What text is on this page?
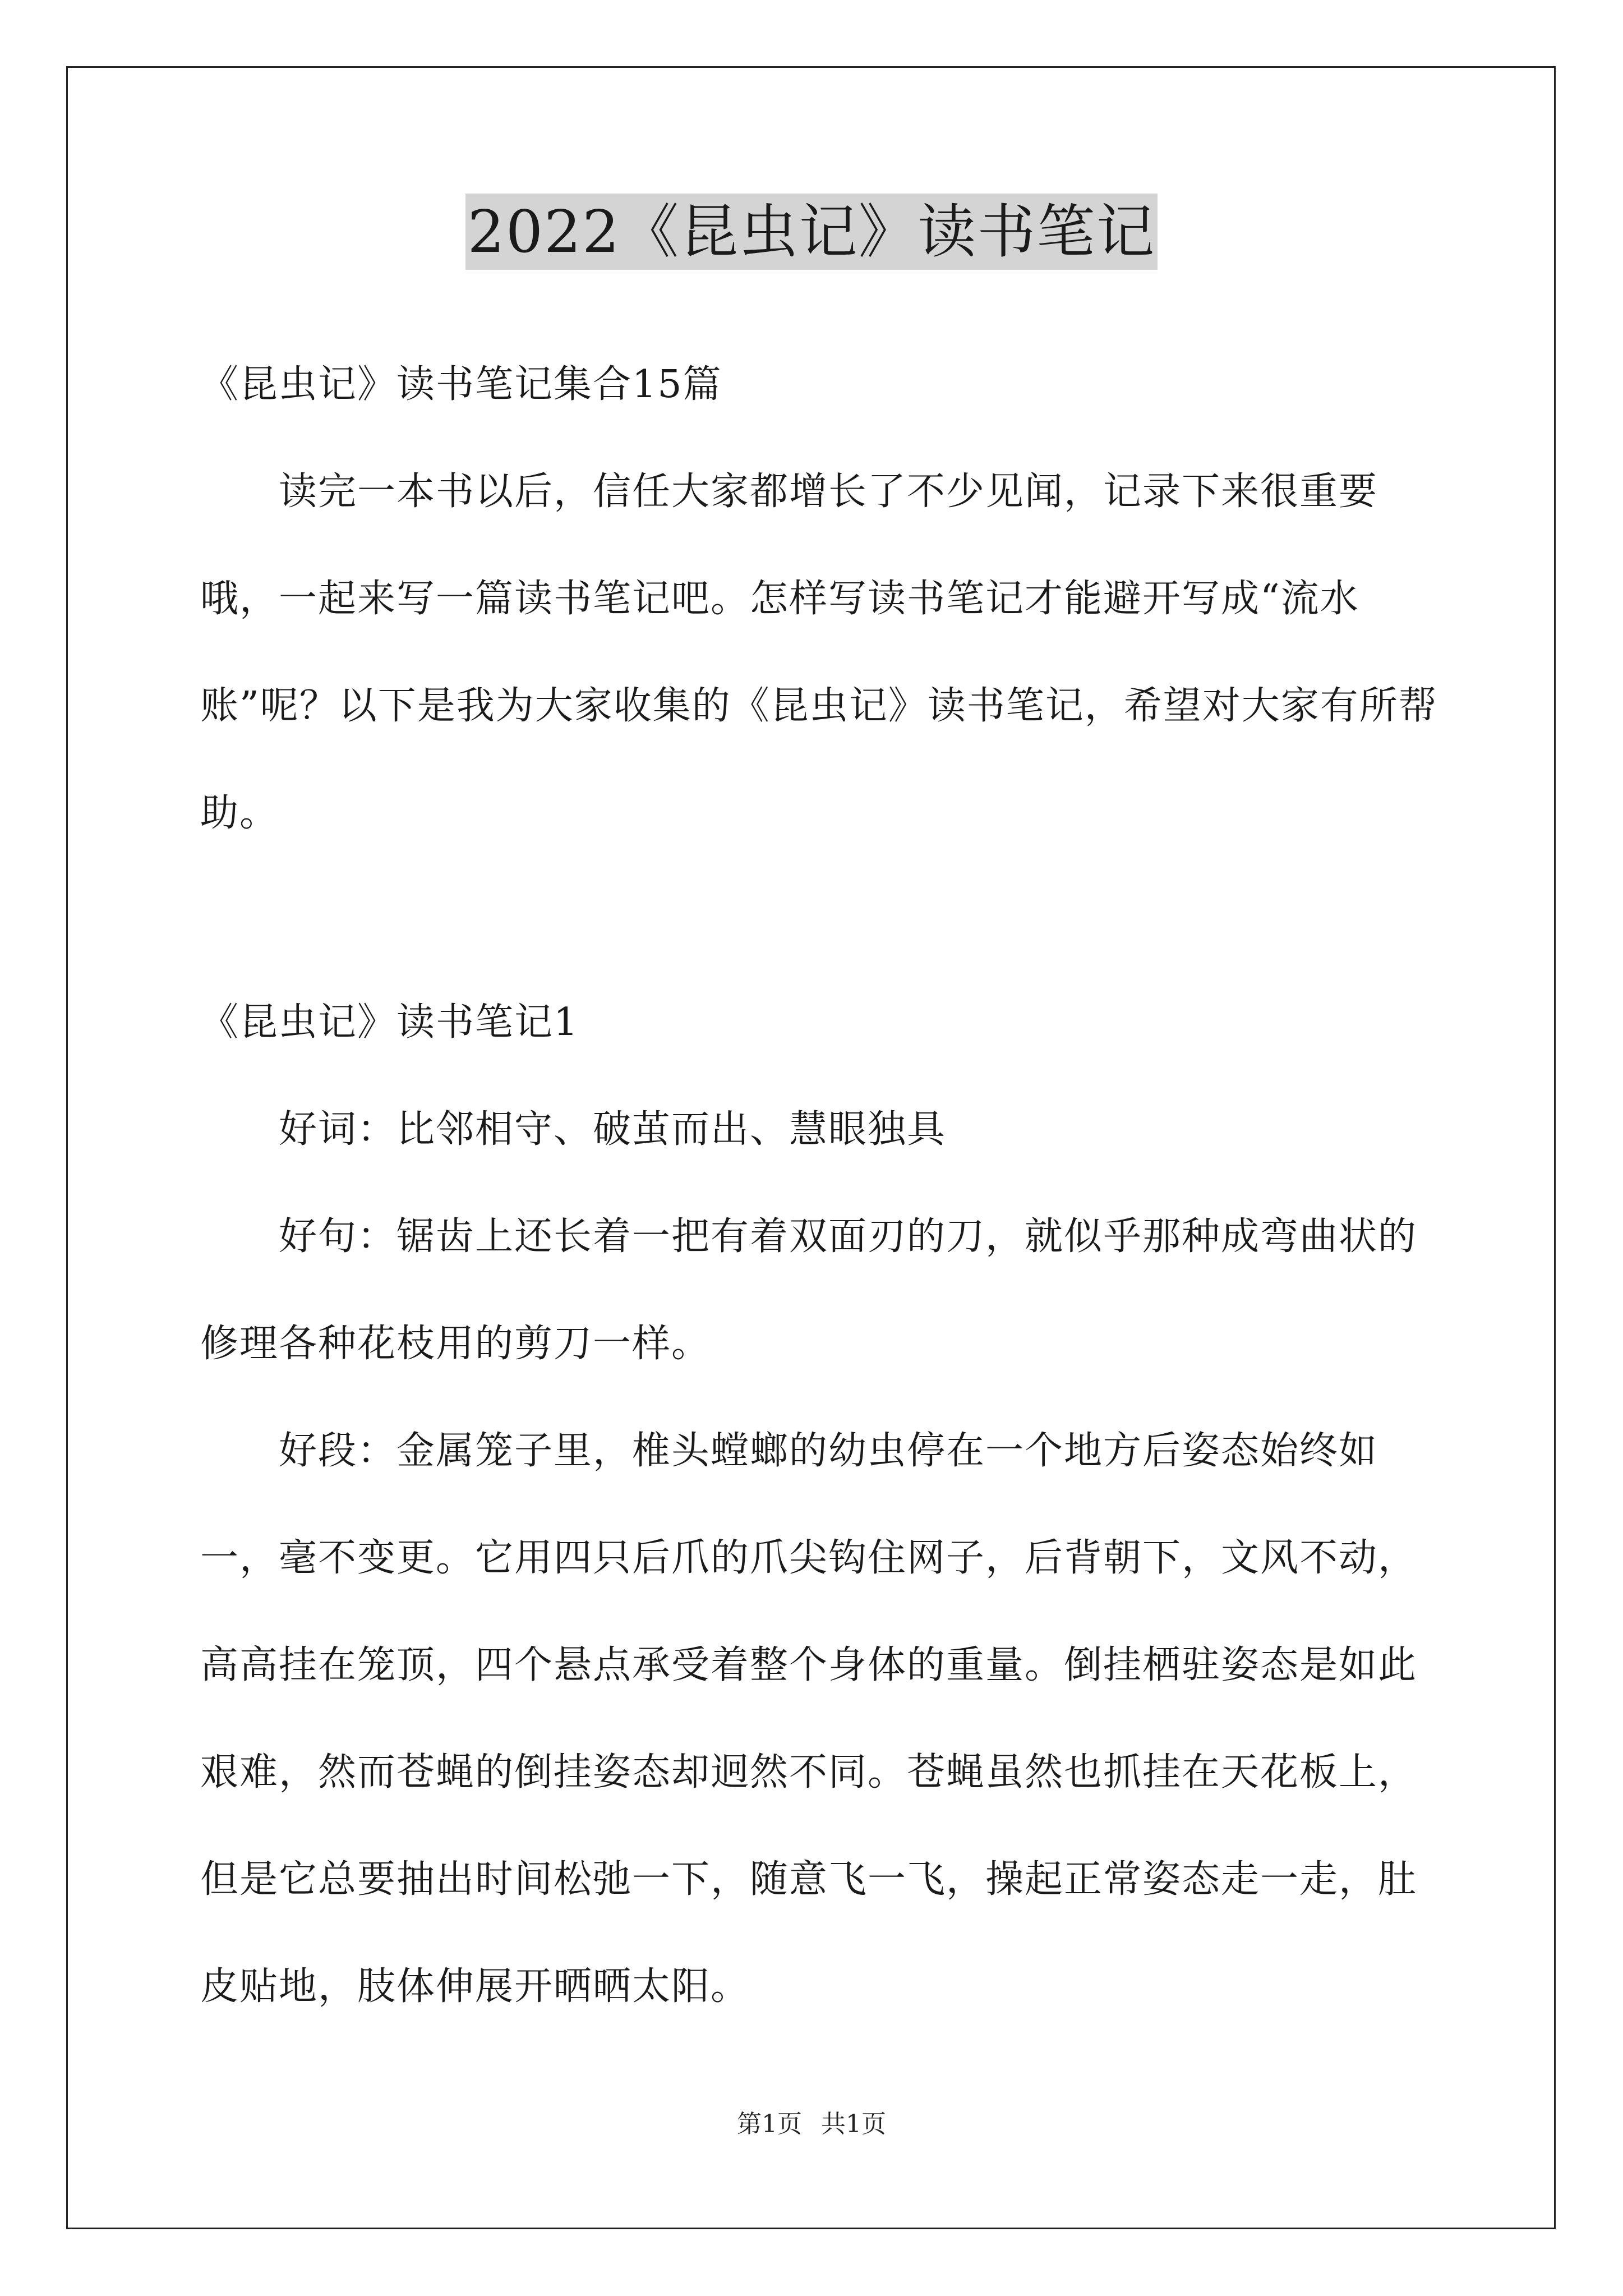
2022《昆虫记》读书笔记

《昆虫记》读书笔记集合15篇

读完一本书以后，信任大家都增长了不少见闻，记录下来很重要哦，一起来写一篇读书笔记吧。怎样写读书笔记才能避开写成“流水账”呢？以下是我为大家收集的《昆虫记》读书笔记，希望对大家有所帮助。

《昆虫记》读书笔记1

好词：比邻相守、破茧而出、慧眼独具

好句：锯齿上还长着一把有着双面刃的刀，就似乎那种成弯曲状的修理各种花枝用的剪刀一样。

好段：金属笼子里，椎头螳螂的幼虫停在一个地方后姿态始终如一，毫不变更。它用四只后爪的爪尖钩住网子，后背朝下，文风不动，高高挂在笼顶，四个悬点承受着整个身体的重量。倒挂栖驻姿态是如此艰难，然而苍蝇的倒挂姿态却迥然不同。苍蝇虽然也抓挂在天花板上，但是它总要抽出时间松弛一下，随意飞一飞，操起正常姿态走一走，肚皮贴地，肢体伸展开晒晒太阳。

第1页 共1页
